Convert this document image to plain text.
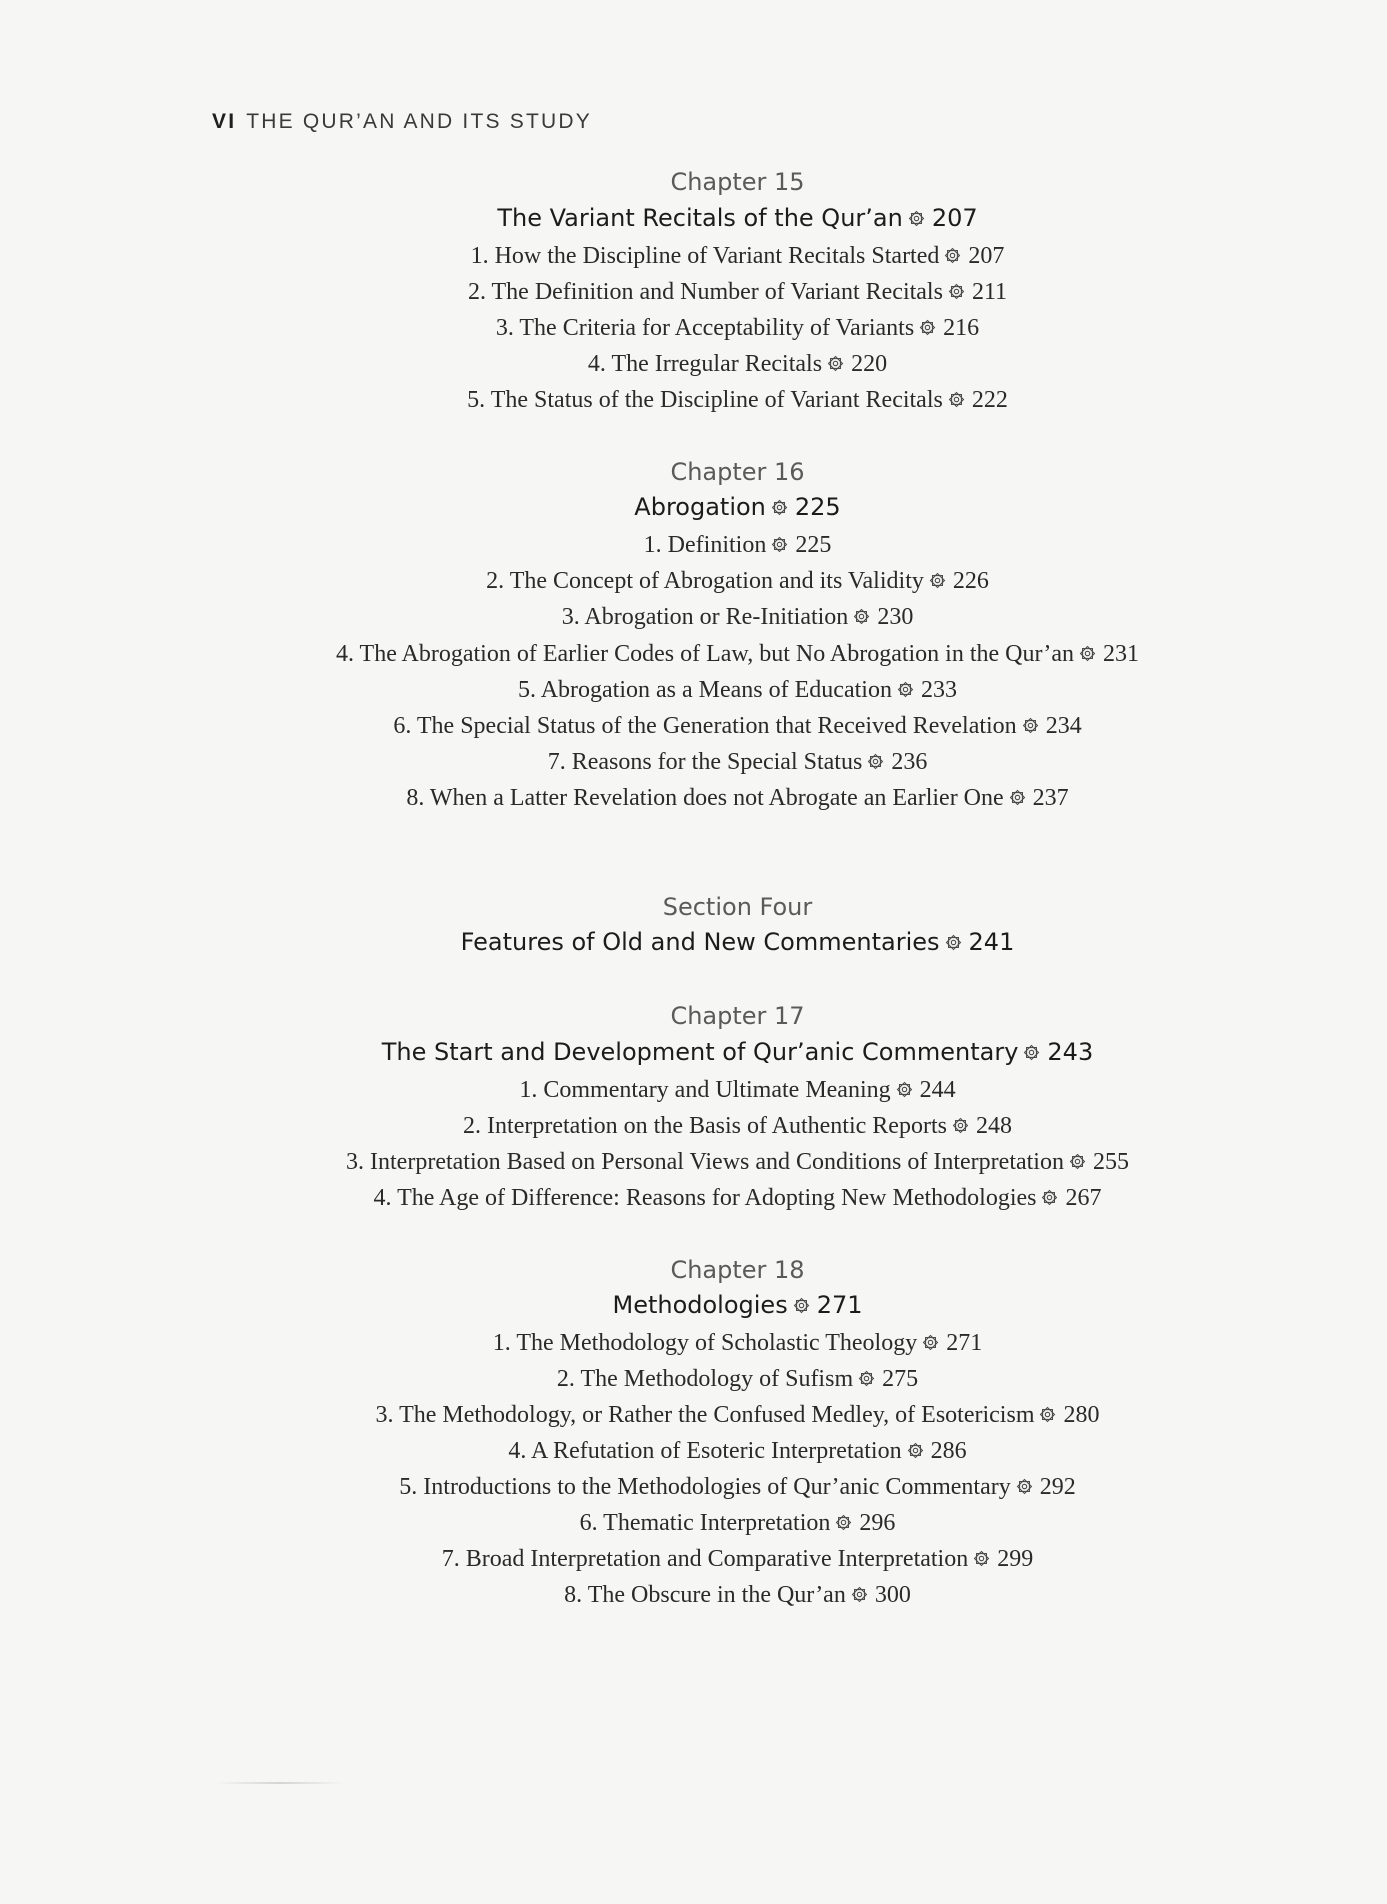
VI THE QUR’AN AND ITS STUDY
Chapter 15
The Variant Recitals of the Qur’an 207
1. How the Discipline of Variant Recitals Started 207
2. The Definition and Number of Variant Recitals 211
3. The Criteria for Acceptability of Variants 216
4. The Irregular Recitals 220
5. The Status of the Discipline of Variant Recitals 222
Chapter 16
Abrogation 225
1. Definition 225
2. The Concept of Abrogation and its Validity 226
3. Abrogation or Re-Initiation 230
4. The Abrogation of Earlier Codes of Law, but No Abrogation in the Qur’an 231
5. Abrogation as a Means of Education 233
6. The Special Status of the Generation that Received Revelation 234
7. Reasons for the Special Status 236
8. When a Latter Revelation does not Abrogate an Earlier One 237
Section Four
Features of Old and New Commentaries 241
Chapter 17
The Start and Development of Qur’anic Commentary 243
1. Commentary and Ultimate Meaning 244
2. Interpretation on the Basis of Authentic Reports 248
3. Interpretation Based on Personal Views and Conditions of Interpretation 255
4. The Age of Difference: Reasons for Adopting New Methodologies 267
Chapter 18
Methodologies 271
1. The Methodology of Scholastic Theology 271
2. The Methodology of Sufism 275
3. The Methodology, or Rather the Confused Medley, of Esotericism 280
4. A Refutation of Esoteric Interpretation 286
5. Introductions to the Methodologies of Qur’anic Commentary 292
6. Thematic Interpretation 296
7. Broad Interpretation and Comparative Interpretation 299
8. The Obscure in the Qur’an 300
